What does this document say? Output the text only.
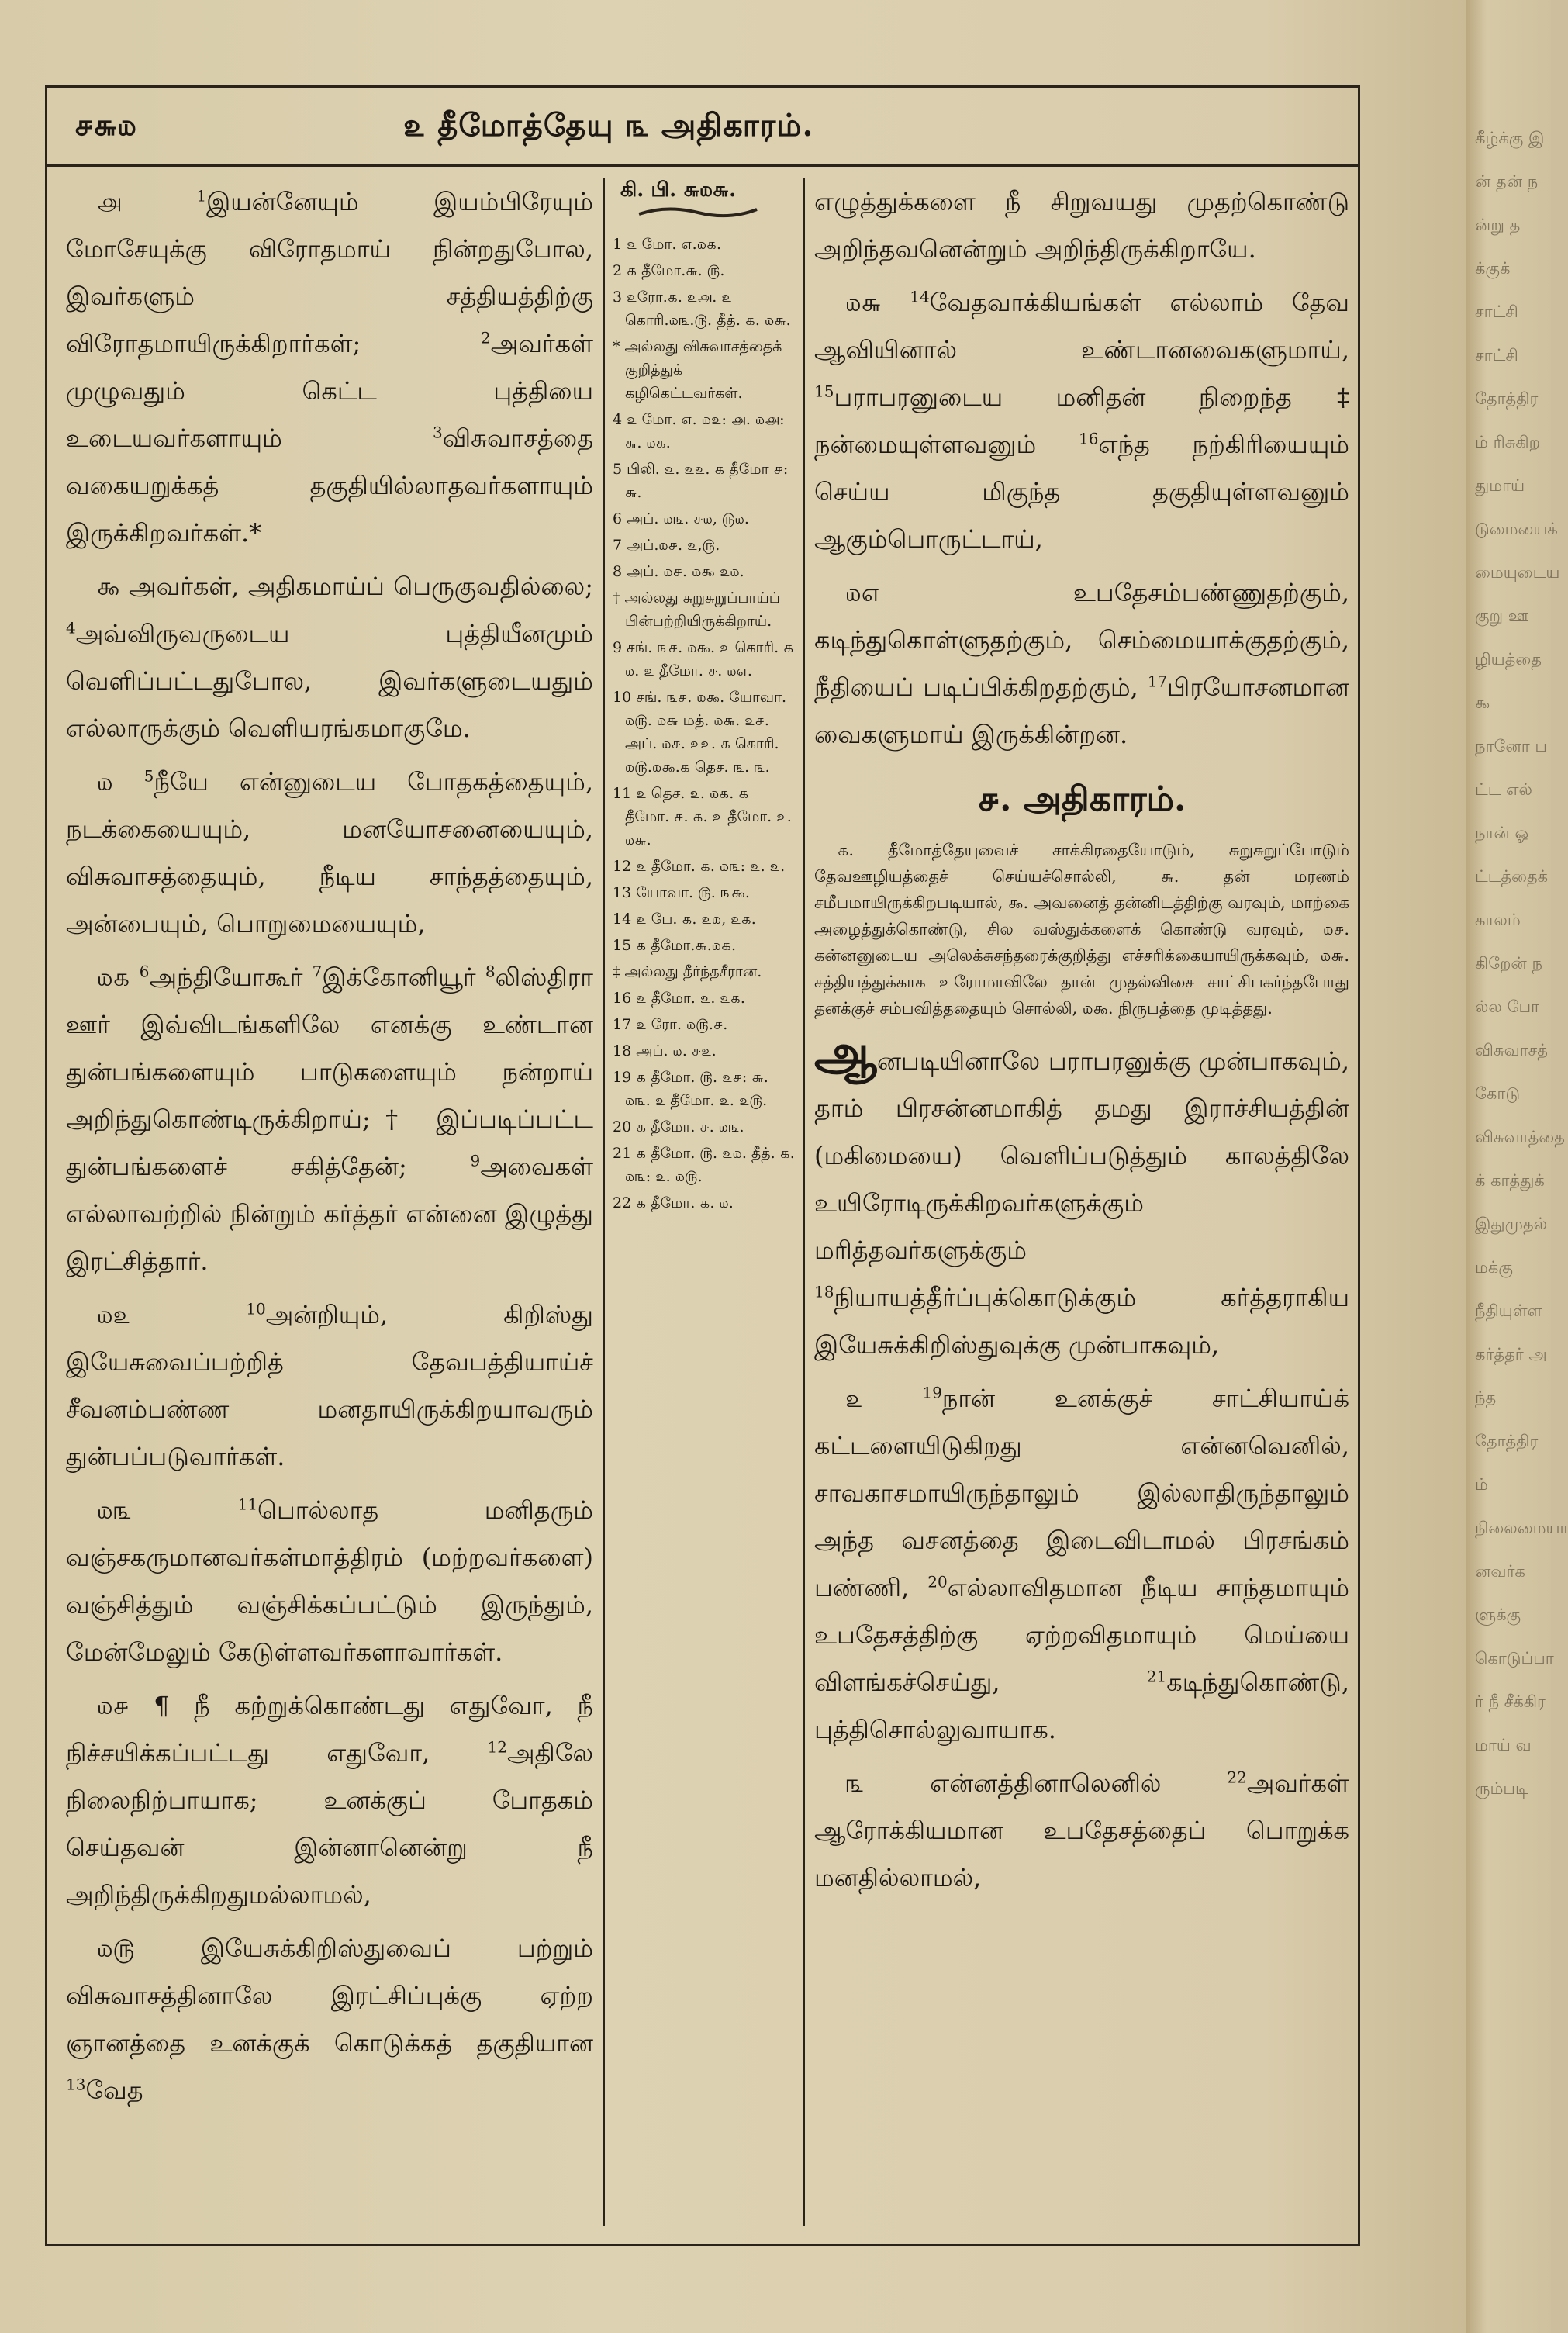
கீழ்க்கு இன் தன் நன்று தக்குக் சாட்சி சாட்சி தோத்திரம் ரிசுகிறதுமாய் டுமையைக் மையுடைய குறு ஊழியத்தை ௯ நானோ பட்ட எல் நான் ஓட்டத்தைக் காலம் கிறேன் நல்ல போ விசுவாசத் கோடு விசுவாத்தைக் காத்துக் இதுமுதல் மக்கு நீதியுள்ள கர்த்தர் அந்த தோத்திரம் நிலைமையானவர்களுக்கு கொடுப்பார் நீ சீக்கிரமாய் வரும்படி
௪௬௰	௨ தீமோத்தேயு ௩ அதிகாரம்.

௮	$^1$இயன்னேயும் இயம்பிரேயும் மோசேயுக்கு விரோதமாய் நின்றதுபோல, இவர்களும் சத்தியத்திற்கு விரோதமாயிருக்கிறார்கள்; $^2$அவர்கள் முழுவதும் கெட்ட புத்தியை உடையவர்களாயும் $^3$விசுவாசத்தை வகையறுக்கத் தகுதியில்லாதவர்களாயும் இருக்கிறவர்கள்.*

௯ அவர்கள், அதிகமாய்ப் பெருகுவதில்லை; $^4$அவ்விருவருடைய புத்தியீனமும் வெளிப்பட்டதுபோல, இவர்களுடையதும் எல்லாருக்கும் வெளியரங்கமாகுமே.

௰ $^5$நீயே என்னுடைய போதகத்தையும், நடக்கையையும், மனயோசனையையும், விசுவாசத்தையும், நீடிய சாந்தத்தையும், அன்பையும், பொறுமையையும்,

௰௧ $^6$அந்தியோகூர் $^7$இக்கோனியூர் $^8$லிஸ்திரா ஊர் இவ்விடங்களிலே எனக்கு உண்டான துன்பங்களையும் பாடுகளையும் நன்றாய் அறிந்துகொண்டிருக்கிறாய்;† இப்படிப்பட்ட துன்பங்களைச் சகித்தேன்; $^9$அவைகள் எல்லாவற்றில் நின்றும் கர்த்தர் என்னை இழுத்து இரட்சித்தார்.

௰௨	$^{10}$அன்றியும், கிறிஸ்து இயேசுவைப்பற்றித் தேவபத்தியாய்ச் சீவனம்பண்ண மனதாயிருக்கிறயாவரும் துன்பப்படுவார்கள்.

௰௩	$^{11}$பொல்லாத மனிதரும் வஞ்சகருமானவர்கள்மாத்திரம் (மற்றவர்களை) வஞ்சித்தும் வஞ்சிக்கப்பட்டும் இருந்தும், மேன்மேலும் கேடுள்ளவர்களாவார்கள்.

௰௪ ¶ நீ கற்றுக்கொண்டது எதுவோ, நீ நிச்சயிக்கப்பட்டது எதுவோ, $^{12}$அதிலே நிலைநிற்பாயாக; உனக்குப் போதகம் செய்தவன் இன்னானென்று நீ அறிந்திருக்கிறதுமல்லாமல்,

௰௫	இயேசுக்கிறிஸ்துவைப் பற்றும் விசுவாசத்தினாலே இரட்சிப்புக்கு ஏற்ற ஞானத்தை உனக்குக் கொடுக்கத் தகுதியான $^{13}$வேத

கி. பி. ௬௰௬.
1 ௨ மோ. ௭.௰௧.
2 ௧ தீமோ.௬. ௫.
3 ௨ரோ.௧. ௨௮. ௨ கொரி.௰௩.௫. தீத். ௧. ௰௬.
* அல்லது விசுவாசத்தைக் குறித்துக் கழிகெட்டவர்கள்.
4 ௨ மோ. ௭. ௰௨: ௮. ௰௮: ௬. ௰௧.
5 பிலி. ௨. ௨௨. ௧ தீமோ ௪: ௬.
6 அப். ௰௩. ௪௰, ௫௰.
7 அப்.௰௪. ௨,௫.
8 அப். ௰௪. ௰௯ ௨௰.
† அல்லது சுறுசுறுப்பாய்ப் பின்பற்றியிருக்கிறாய்.
9 சங். ௩௪. ௰௯. ௨ கொரி. ௧ ௰. ௨ தீமோ. ௪. ௰௭.
10 சங். ௩௪. ௰௯. யோவா. ௰௫. ௰௬ மத். ௰௬. ௨௪. அப். ௰௪. ௨௨. ௧ கொரி. ௰௫.௰௯.௧ தெச. ௩. ௩.
11 ௨ தெச. ௨. ௰௧. ௧ தீமோ. ௪. ௧. ௨ தீமோ. ௨. ௰௬.
12 ௨ தீமோ. ௧. ௰௩: ௨. ௨.
13 யோவா. ௫. ௩௯.
14 ௨ பே. ௧. ௨௰, ௨௧.
15 ௧ தீமோ.௬.௰௧.
‡ அல்லது தீர்ந்தசீரான.
16 ௨ தீமோ. ௨. ௨௧.
17 ௨ ரோ. ௰௫.௪.
18 அப். ௰. ௪௨.
19 ௧ தீமோ. ௫. ௨௪: ௬. ௰௩. ௨ தீமோ. ௨. ௨௫.
20 ௧ தீமோ. ௪. ௰௩.
21 ௧ தீமோ. ௫. ௨௰. தீத். ௧. ௰௩: ௨. ௰௫.
22 ௧ தீமோ. ௧. ௰.

எழுத்துக்களை நீ சிறுவயது முதற்கொண்டு அறிந்தவனென்றும் அறிந்திருக்கிறாயே.

௰௬ $^{14}$வேதவாக்கியங்கள் எல்லாம் தேவ ஆவியினால் உண்டானவைகளுமாய், $^{15}$பராபரனுடைய மனிதன் நிறைந்த‡ நன்மையுள்ளவனும் $^{16}$எந்த நற்கிரியையும் செய்ய மிகுந்த தகுதியுள்ளவனும் ஆகும்பொருட்டாய்,

௰௭	உபதேசம்பண்ணுதற்கும், கடிந்துகொள்ளுதற்கும், செம்மையாக்குதற்கும், நீதியைப் படிப்பிக்கிறதற்கும், $^{17}$பிரயோசனமான வைகளுமாய் இருக்கின்றன.

௪. அதிகாரம்.
௧. தீமோத்தேயுவைச் சாக்கிரதையோடும், சுறுசுறுப்போடும் தேவஊழியத்தைச் செய்யச்சொல்லி, ௬. தன் மரணம் சமீபமாயிருக்கிறபடியால், ௯. அவனைத் தன்னிடத்திற்கு வரவும், மாற்கை அழைத்துக்கொண்டு, சில வஸ்துக்களைக் கொண்டு வரவும், ௰௪. கன்னனுடைய அலெக்சுசந்தரைக்குறித்து எச்சரிக்கையாயிருக்கவும், ௰௬. சத்தியத்துக்காக உரோமாவிலே தான் முதல்விசை சாட்சிபகர்ந்தபோது தனக்குச் சம்பவித்ததையும் சொல்லி, ௰௯. நிருபத்தை முடித்தது.

ஆனபடியினாலே பராபரனுக்கு முன்பாகவும், தாம் பிரசன்னமாகித் தமது இராச்சியத்தின் (மகிமையை) வெளிப்படுத்தும் காலத்திலே உயிரோடிருக்கிறவர்களுக்கும் மரித்தவர்களுக்கும் $^{18}$நியாயத்தீர்ப்புக்கொடுக்கும் கர்த்தராகிய இயேசுக்கிறிஸ்துவுக்கு முன்பாகவும்,

௨	$^{19}$நான் உனக்குச் சாட்சியாய்க் கட்டளையிடுகிறது என்னவெனில், சாவகாசமாயிருந்தாலும் இல்லாதிருந்தாலும் அந்த வசனத்தை இடைவிடாமல் பிரசங்கம் பண்ணி, $^{20}$எல்லாவிதமான நீடிய சாந்தமாயும் உபதேசத்திற்கு ஏற்றவிதமாயும் மெய்யை விளங்கச்செய்து, $^{21}$கடிந்துகொண்டு, புத்திசொல்லுவாயாக.

௩	என்னத்தினாலெனில் $^{22}$அவர்கள் ஆரோக்கியமான உபதேசத்தைப் பொறுக்க மனதில்லாமல்,
